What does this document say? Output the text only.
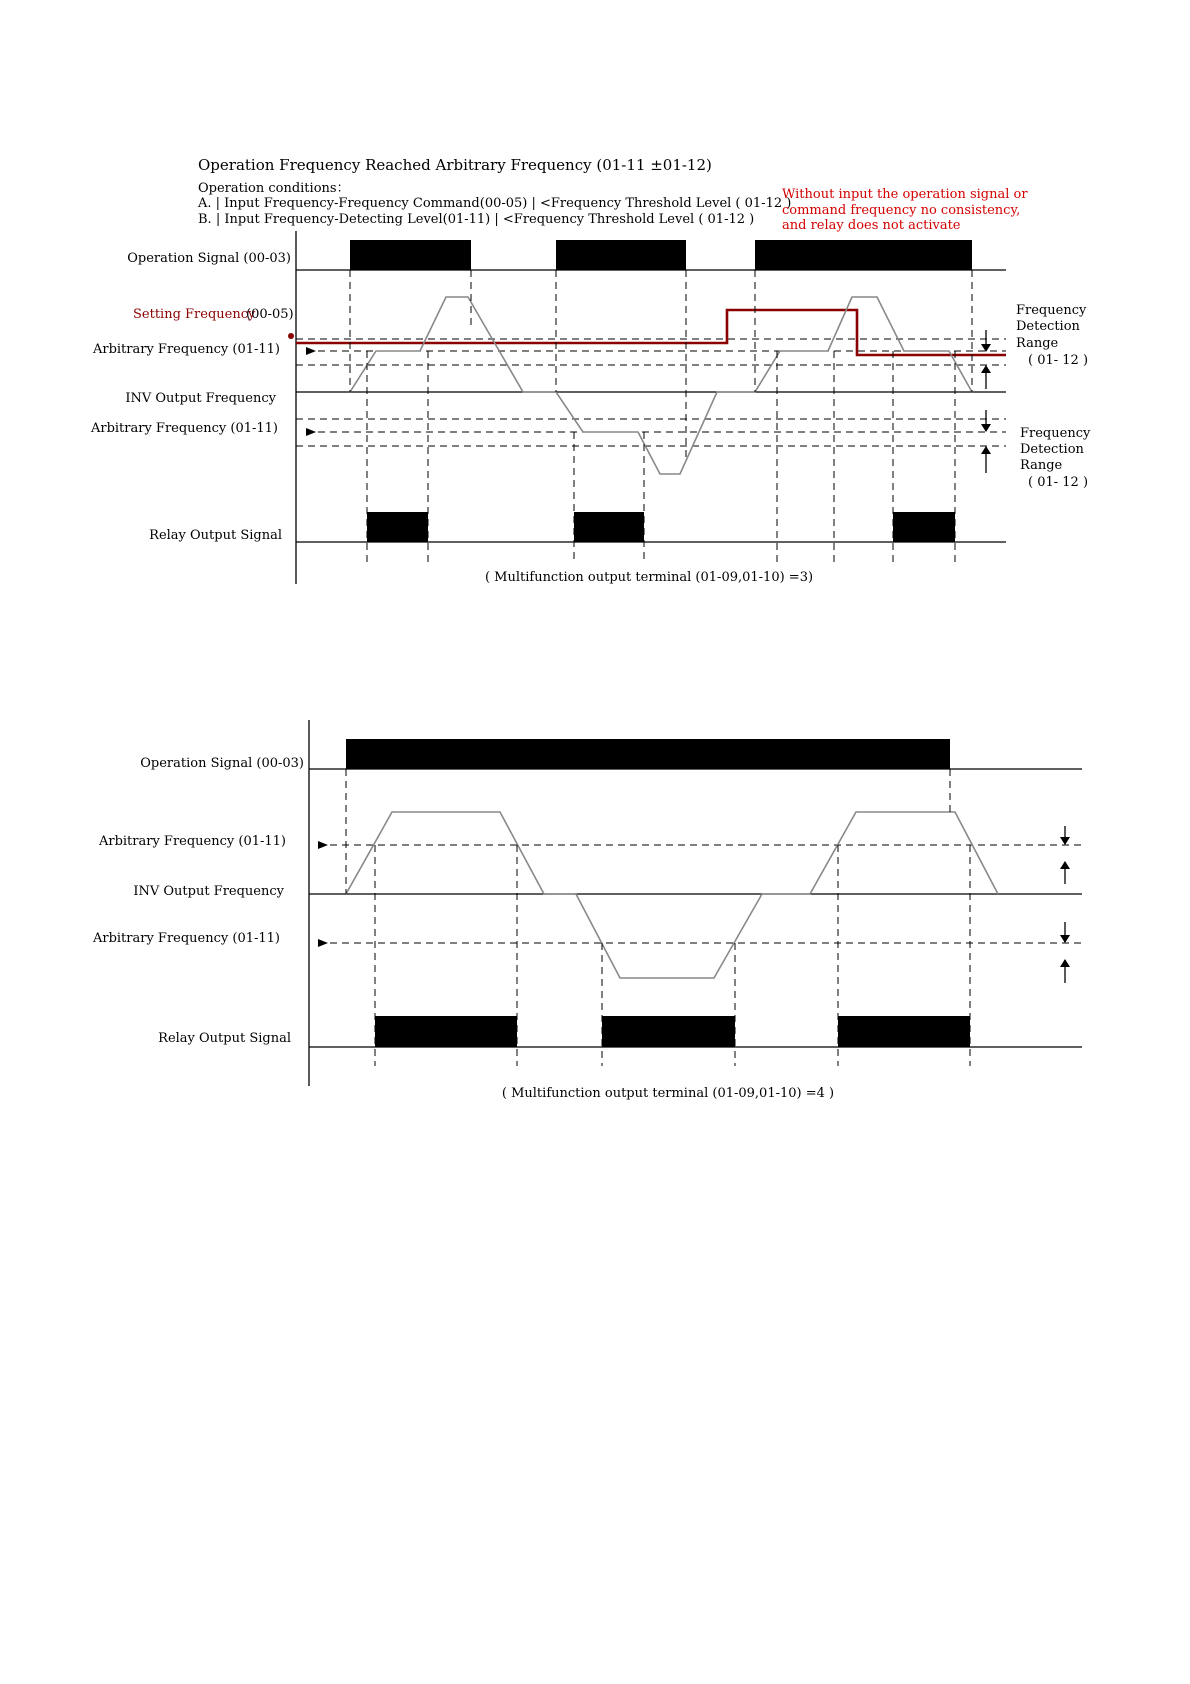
Operation Frequency Reached Arbitrary Frequency (01-11 ±01-12)
Operation conditions：
A. | Input Frequency-Frequency Command(00-05) | <Frequency Threshold Level ( 01-12 )
B. | Input Frequency-Detecting Level(01-11) | <Frequency Threshold Level ( 01-12 )
Without input the operation signal or
command frequency no consistency,
and relay does not activate
Operation Signal (00-03)
Setting Frequency
(00-05)
Arbitrary Frequency (01-11)
INV Output Frequency
Arbitrary Frequency (01-11)
Relay Output Signal
Frequency
Detection
Range
( 01- 12 )
Frequency
Detection
Range
( 01- 12 )
( Multifunction output terminal (01-09,01-10) =3)
Operation Signal (00-03)
Arbitrary Frequency (01-11)
INV Output Frequency
Arbitrary Frequency (01-11)
Relay Output Signal
( Multifunction output terminal (01-09,01-10) =4 )
